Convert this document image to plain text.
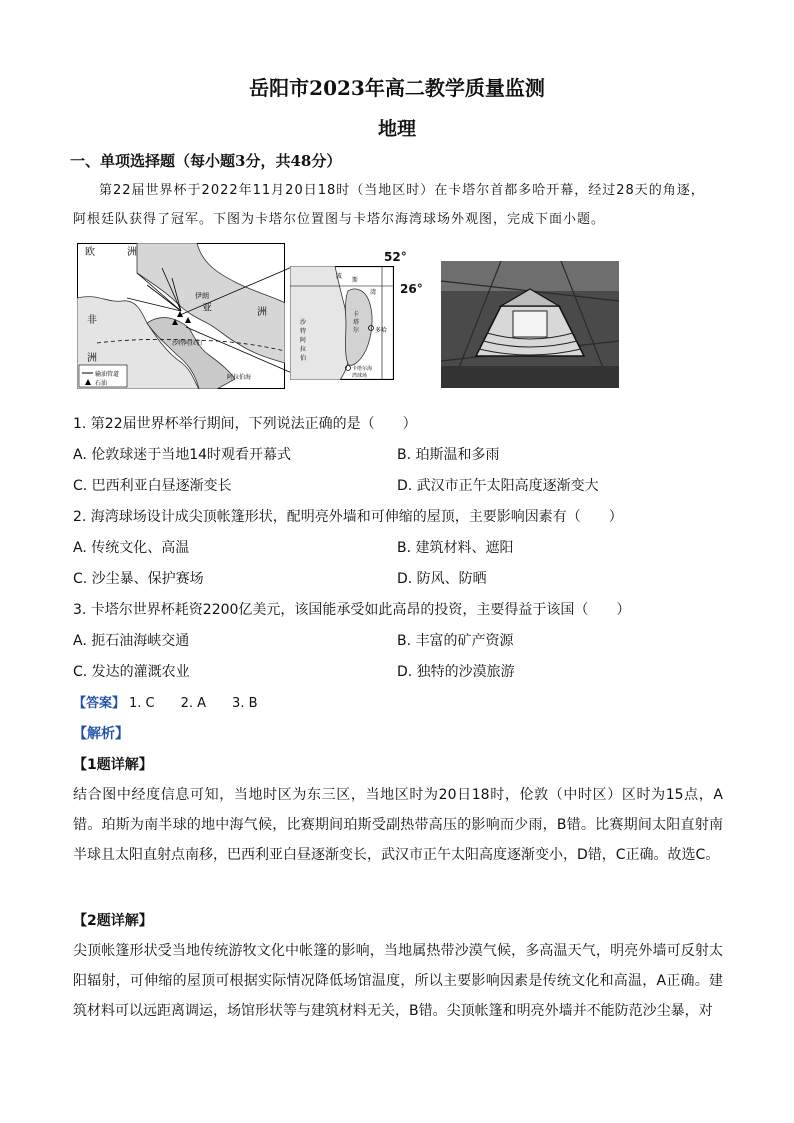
岳阳市2023年高二教学质量监测
地理
一、单项选择题（每小题3分，共48分）
第22届世界杯于2022年11月20日18时（当地区时）在卡塔尔首都多哈开幕，经过28天的角逐，
阿根廷队获得了冠军。下图为卡塔尔位置图与卡塔尔海湾球场外观图，完成下面小题。
欧	洲
非
洲
亚	洲
伊朗
沙特阿拉伯
阿拉伯海
输油管道
石油
波
斯
湾
卡
塔
尔	多哈
沙
特
阿
拉
伯
卡塔尔海
湾球场
52°
26°
1. 第22届世界杯举行期间，下列说法正确的是（　　）
A. 伦敦球迷于当地14时观看开幕式	B. 珀斯温和多雨
C. 巴西利亚白昼逐渐变长	D. 武汉市正午太阳高度逐渐变大
2. 海湾球场设计成尖顶帐篷形状，配明亮外墙和可伸缩的屋顶，主要影响因素有（　　）
A. 传统文化、高温	B. 建筑材料、遮阳
C. 沙尘暴、保护赛场	D. 防风、防晒
3. 卡塔尔世界杯耗资2200亿美元，该国能承受如此高昂的投资，主要得益于该国（　　）
A. 扼石油海峡交通	B. 丰富的矿产资源
C. 发达的灌溉农业	D. 独特的沙漠旅游
【答案】 1. C　　2. A　　3. B
【解析】
【1题详解】
结合图中经度信息可知，当地时区为东三区，当地区时为20日18时，伦敦（中时区）区时为15点，A错。珀斯为南半球的地中海气候，比赛期间珀斯受副热带高压的影响而少雨，B错。比赛期间太阳直射南半球且太阳直射点南移，巴西利亚白昼逐渐变长，武汉市正午太阳高度逐渐变小，D错，C正确。故选C。
【2题详解】
尖顶帐篷形状受当地传统游牧文化中帐篷的影响，当地属热带沙漠气候，多高温天气，明亮外墙可反射太阳辐射，可伸缩的屋顶可根据实际情况降低场馆温度，所以主要影响因素是传统文化和高温，A正确。建筑材料可以远距离调运，场馆形状等与建筑材料无关，B错。尖顶帐篷和明亮外墙并不能防范沙尘暴，对
